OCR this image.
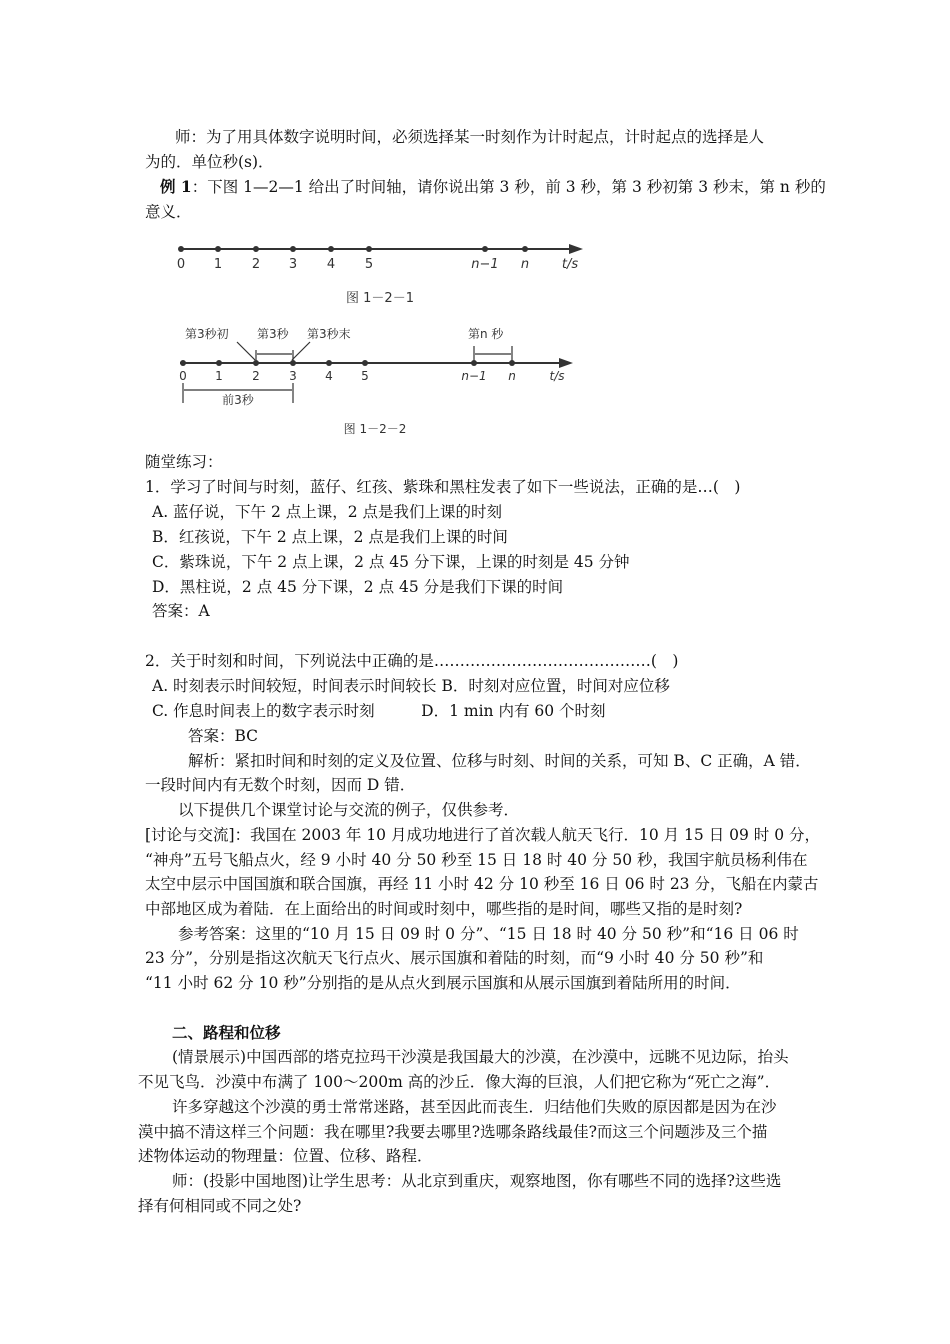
师：为了用具体数字说明时间，必须选择某一时刻作为计时起点，计时起点的选择是人
为的．单位秒(s)．
例 1：下图 1—2—1 给出了时间轴，请你说出第 3 秒，前 3 秒，第 3 秒初第 3 秒末，第 n 秒的
意义．
0 1 2 3 4 5	n−1 n	t/s
图 1－2－1
第3秒初 第3秒 第3秒末	第n 秒
0 1 2 3 4 5	n−1 n	t/s
前3秒
图 1－2－2
随堂练习：
1．学习了时间与时刻，蓝仔、红孩、紫珠和黑柱发表了如下一些说法，正确的是…(　)
A. 蓝仔说，下午 2 点上课，2 点是我们上课的时刻
B．红孩说，下午 2 点上课，2 点是我们上课的时间
C．紫珠说，下午 2 点上课，2 点 45 分下课，上课的时刻是 45 分钟
D．黑柱说，2 点 45 分下课，2 点 45 分是我们下课的时间
答案：A
2．关于时刻和时间，下列说法中正确的是……………………………………(　)
A. 时刻表示时间较短，时间表示时间较长 B．时刻对应位置，时间对应位移
C. 作息时间表上的数字表示时刻　　　D．1 min 内有 60 个时刻
答案：BC
解析：紧扣时间和时刻的定义及位置、位移与时刻、时间的关系，可知 B、C 正确，A 错．
一段时间内有无数个时刻，因而 D 错．
以下提供几个课堂讨论与交流的例子，仅供参考．
[讨论与交流]：我国在 2003 年 10 月成功地进行了首次载人航天飞行．10 月 15 日 09 时 0 分，
“神舟”五号飞船点火，经 9 小时 40 分 50 秒至 15 日 18 时 40 分 50 秒，我国宇航员杨利伟在
太空中层示中国国旗和联合国旗，再经 11 小时 42 分 10 秒至 16 日 06 时 23 分，飞船在内蒙古
中部地区成为着陆．在上面给出的时间或时刻中，哪些指的是时间，哪些又指的是时刻?
参考答案：这里的“10 月 15 日 09 时 0 分”、“15 日 18 时 40 分 50 秒”和“16 日 06 时
23 分”，分别是指这次航天飞行点火、展示国旗和着陆的时刻，而“9 小时 40 分 50 秒”和
“11 小时 62 分 10 秒”分别指的是从点火到展示国旗和从展示国旗到着陆所用的时间．
二、路程和位移
(情景展示)中国西部的塔克拉玛干沙漠是我国最大的沙漠，在沙漠中，远眺不见边际，抬头
不见飞鸟．沙漠中布满了 100～200m 高的沙丘．像大海的巨浪，人们把它称为“死亡之海”．
许多穿越这个沙漠的勇士常常迷路，甚至因此而丧生．归结他们失败的原因都是因为在沙
漠中搞不清这样三个问题：我在哪里?我要去哪里?选哪条路线最佳?而这三个问题涉及三个描
述物体运动的物理量：位置、位移、路程．
师：(投影中国地图)让学生思考：从北京到重庆，观察地图，你有哪些不同的选择?这些选
择有何相同或不同之处?
